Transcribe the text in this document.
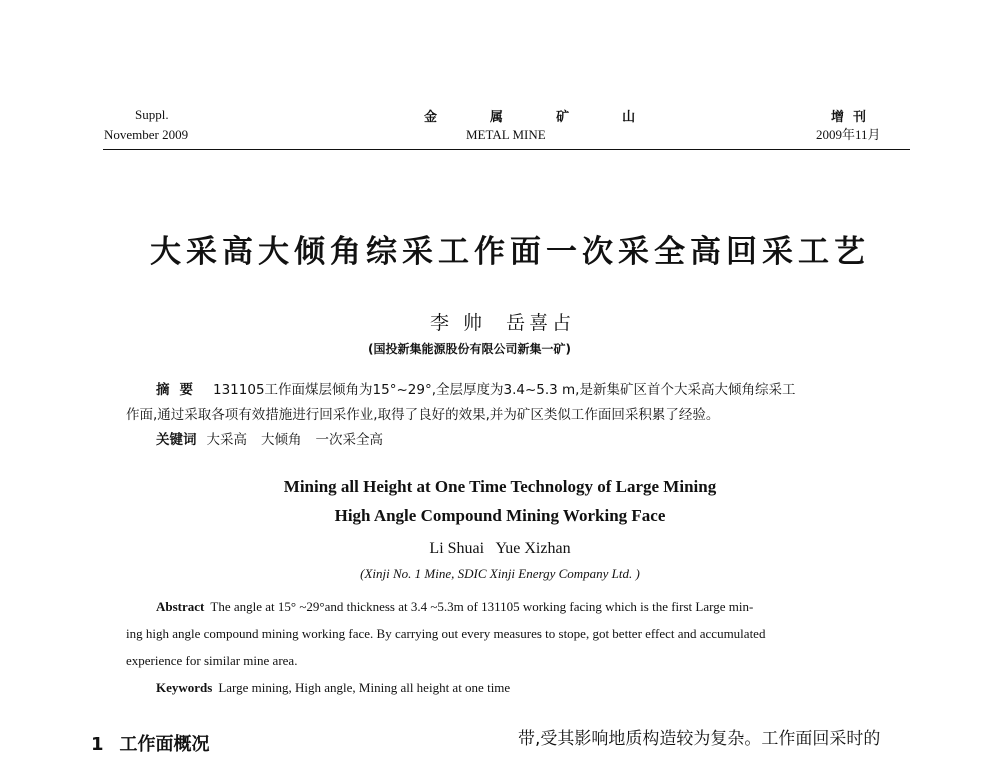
Suppl.
November 2009
金  属  矿  山
METAL MINE
增  刊
2009年11月
大采高大倾角综采工作面一次采全高回采工艺
李 帅  岳喜占
(国投新集能源股份有限公司新集一矿)
摘要 131105工作面煤层倾角为15°~29°,全层厚度为3.4~5.3 m,是新集矿区首个大采高大倾角综采工
作面,通过采取各项有效措施进行回采作业,取得了良好的效果,并为矿区类似工作面回采积累了经验。
关键词 大采高 大倾角 一次采全高
Mining all Height at One Time Technology of Large Mining
High Angle Compound Mining Working Face
Li Shuai   Yue Xizhan
(Xinji No. 1 Mine, SDIC Xinji Energy Company Ltd. )
Abstract The angle at 15° ~29°and thickness at 3.4 ~5.3m of 131105 working facing which is the first Large min-
ing high angle compound mining working face. By carrying out every measures to stope, got better effect and accumulated
experience for similar mine area.
Keywords Large mining, High angle, Mining all height at one time
1 工作面概况	带,受其影响地质构造较为复杂。工作面回采时的
